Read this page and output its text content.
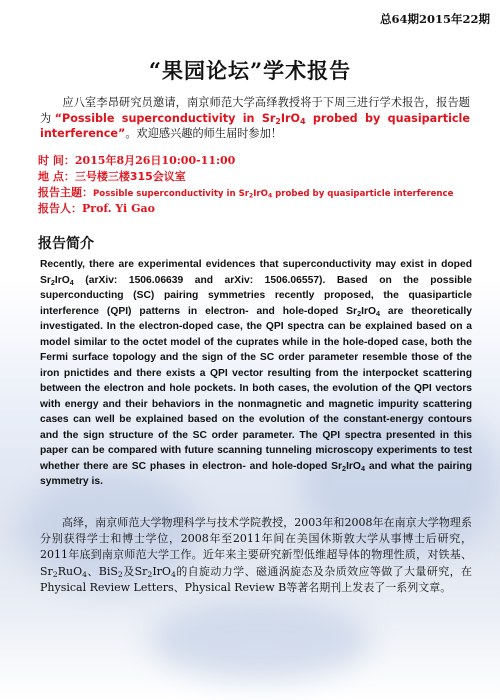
总64期2015年22期
“果园论坛”学术报告
应八室李昂研究员邀请，南京师范大学高绎教授将于下周三进行学术报告，报告题为“Possible superconductivity in $Sr_2IrO_4$ probed by quasiparticle interference”。欢迎感兴趣的师生届时参加！
时 间：2015年8月26日10:00-11:00
地 点：三号楼三楼315会议室
报告主题：Possible superconductivity in $Sr_2IrO_4$ probed by quasiparticle interference
报告人：Prof. Yi Gao
报告简介
Recently, there are experimental evidences that superconductivity may exist in doped $Sr_2IrO_4$ (arXiv: 1506.06639 and arXiv: 1506.06557). Based on the possible superconducting (SC) pairing symmetries recently proposed, the quasiparticle interference (QPI) patterns in electron- and hole-doped $Sr_2IrO_4$ are theoretically investigated. In the electron-doped case, the QPI spectra can be explained based on a model similar to the octet model of the cuprates while in the hole-doped case, both the Fermi surface topology and the sign of the SC order parameter resemble those of the iron pnictides and there exists a QPI vector resulting from the interpocket scattering between the electron and hole pockets. In both cases, the evolution of the QPI vectors with energy and their behaviors in the nonmagnetic and magnetic impurity scattering cases can well be explained based on the evolution of the constant-energy contours and the sign structure of the SC order parameter. The QPI spectra presented in this paper can be compared with future scanning tunneling microscopy experiments to test whether there are SC phases in electron- and hole-doped $Sr_2IrO_4$ and what the pairing symmetry is.
高绎，南京师范大学物理科学与技术学院教授，2003年和2008年在南京大学物理系分别获得学士和博士学位，2008年至2011年间在美国休斯敦大学从事博士后研究，2011年底到南京师范大学工作。近年来主要研究新型低维超导体的物理性质，对铁基、$Sr_2RuO_4$、BiS$_2$及$Sr_2IrO_4$的自旋动力学、磁通涡旋态及杂质效应等做了大量研究，在Physical Review Letters、Physical Review B等著名期刊上发表了一系列文章。
